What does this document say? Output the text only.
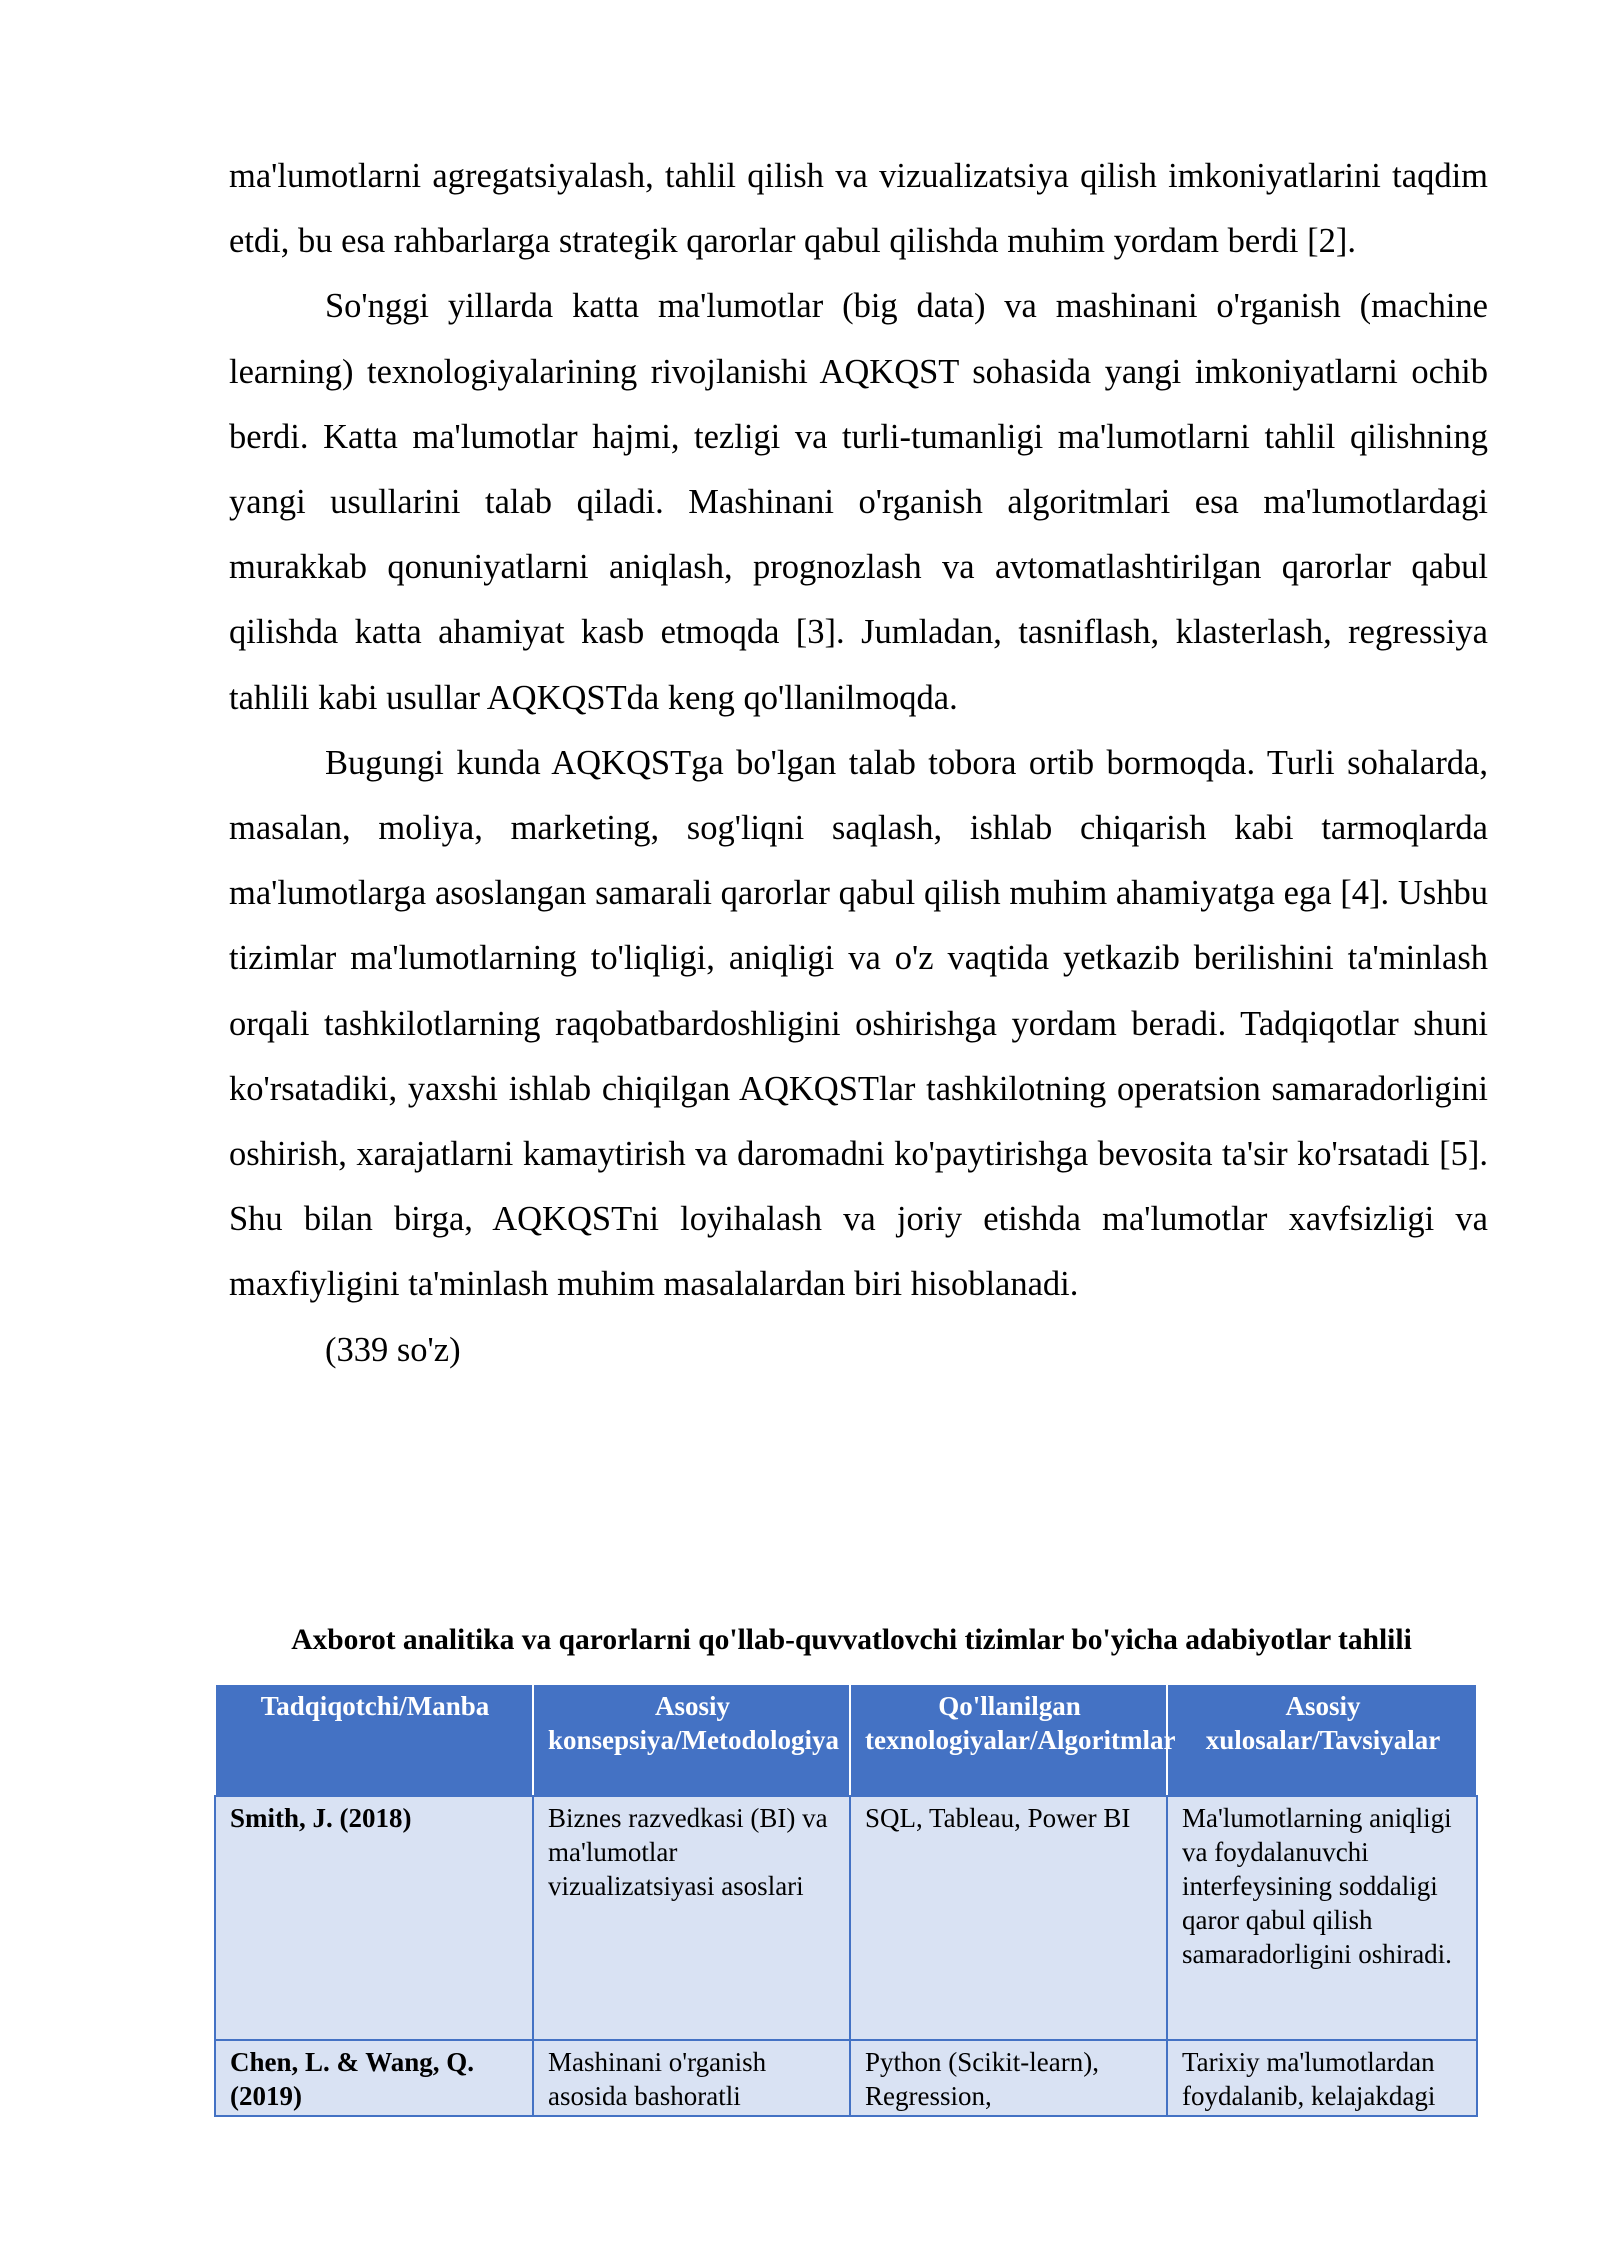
ma'lumotlarni agregatsiyalash, tahlil qilish va vizualizatsiya qilish imkoniyatlarini taqdim etdi, bu esa rahbarlarga strategik qarorlar qabul qilishda muhim yordam berdi [2].

So'nggi yillarda katta ma'lumotlar (big data) va mashinani o'rganish (machine learning) texnologiyalarining rivojlanishi AQKQST sohasida yangi imkoniyatlarni ochib berdi. Katta ma'lumotlar hajmi, tezligi va turli-tumanligi ma'lumotlarni tahlil qilishning yangi usullarini talab qiladi. Mashinani o'rganish algoritmlari esa ma'lumotlardagi murakkab qonuniyatlarni aniqlash, prognozlash va avtomatlashtirilgan qarorlar qabul qilishda katta ahamiyat kasb etmoqda [3]. Jumladan, tasniflash, klasterlash, regressiya tahlili kabi usullar AQKQSTda keng qo'llanilmoqda.

Bugungi kunda AQKQSTga bo'lgan talab tobora ortib bormoqda. Turli sohalarda, masalan, moliya, marketing, sog'liqni saqlash, ishlab chiqarish kabi tarmoqlarda ma'lumotlarga asoslangan samarali qarorlar qabul qilish muhim ahamiyatga ega [4]. Ushbu tizimlar ma'lumotlarning to'liqligi, aniqligi va o'z vaqtida yetkazib berilishini ta'minlash orqali tashkilotlarning raqobatbardoshligini oshirishga yordam beradi. Tadqiqotlar shuni ko'rsatadiki, yaxshi ishlab chiqilgan AQKQSTlar tashkilotning operatsion samaradorligini oshirish, xarajatlarni kamaytirish va daromadni ko'paytirishga bevosita ta'sir ko'rsatadi [5]. Shu bilan birga, AQKQSTni loyihalash va joriy etishda ma'lumotlar xavfsizligi va maxfiyligini ta'minlash muhim masalalardan biri hisoblanadi.

(339 so'z)

Axborot analitika va qarorlarni qo'llab-quvvatlovchi tizimlar bo'yicha adabiyotlar tahlili

Tadqiqotchi/Manba	Asosiy konsepsiya/Metodologiya	Qo'llanilgan texnologiyalar/Algoritmlar	Asosiy xulosalar/Tavsiyalar
Smith, J. (2018)	Biznes razvedkasi (BI) va ma'lumotlar vizualizatsiyasi asoslari	SQL, Tableau, Power BI	Ma'lumotlarning aniqligi va foydalanuvchi interfeysining soddaligi qaror qabul qilish samaradorligini oshiradi.
Chen, L. & Wang, Q. (2019)	Mashinani o'rganish asosida bashoratli	Python (Scikit-learn), Regression,	Tarixiy ma'lumotlardan foydalanib, kelajakdagi
